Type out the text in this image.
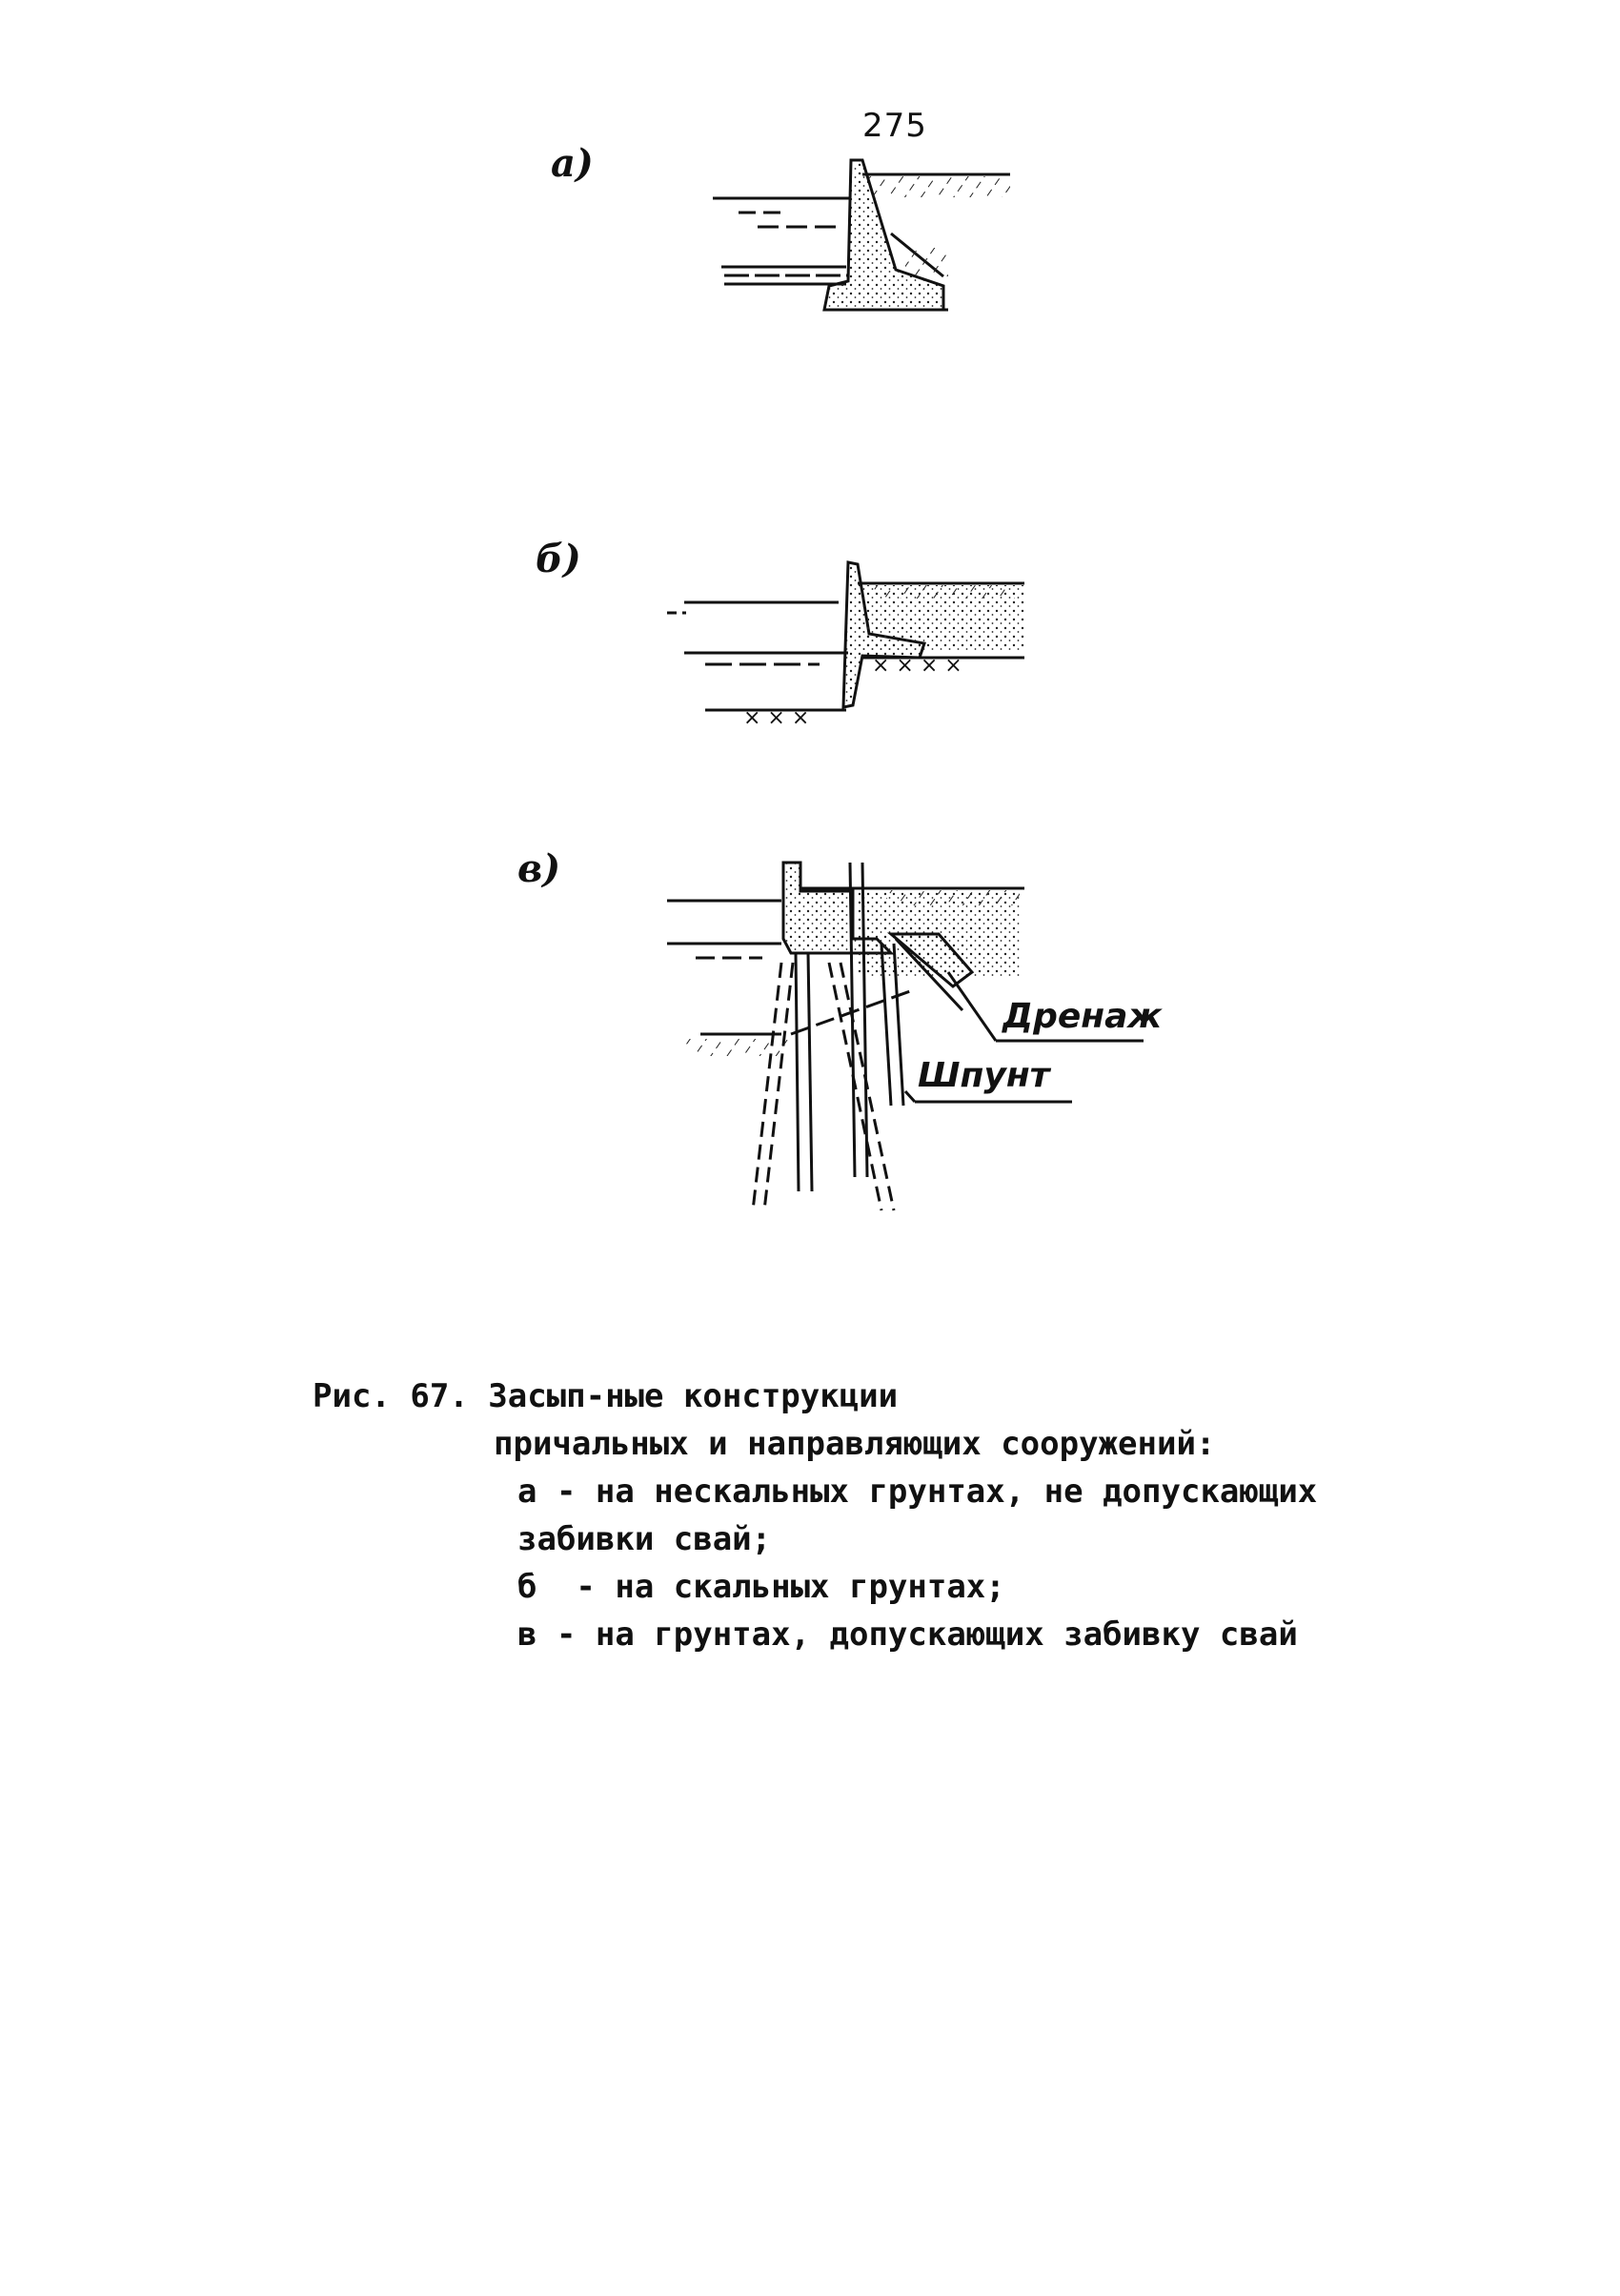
275
а)
б)
в)
× × × ×
× × ×
Дренаж
Шпунт
Рис. 67. Засып-ные конструкции
причальных и направляющих сооружений:
а - на нескальных грунтах, не допускающих
забивки свай;
б  - на скальных грунтах;
в - на грунтах, допускающих забивку свай
